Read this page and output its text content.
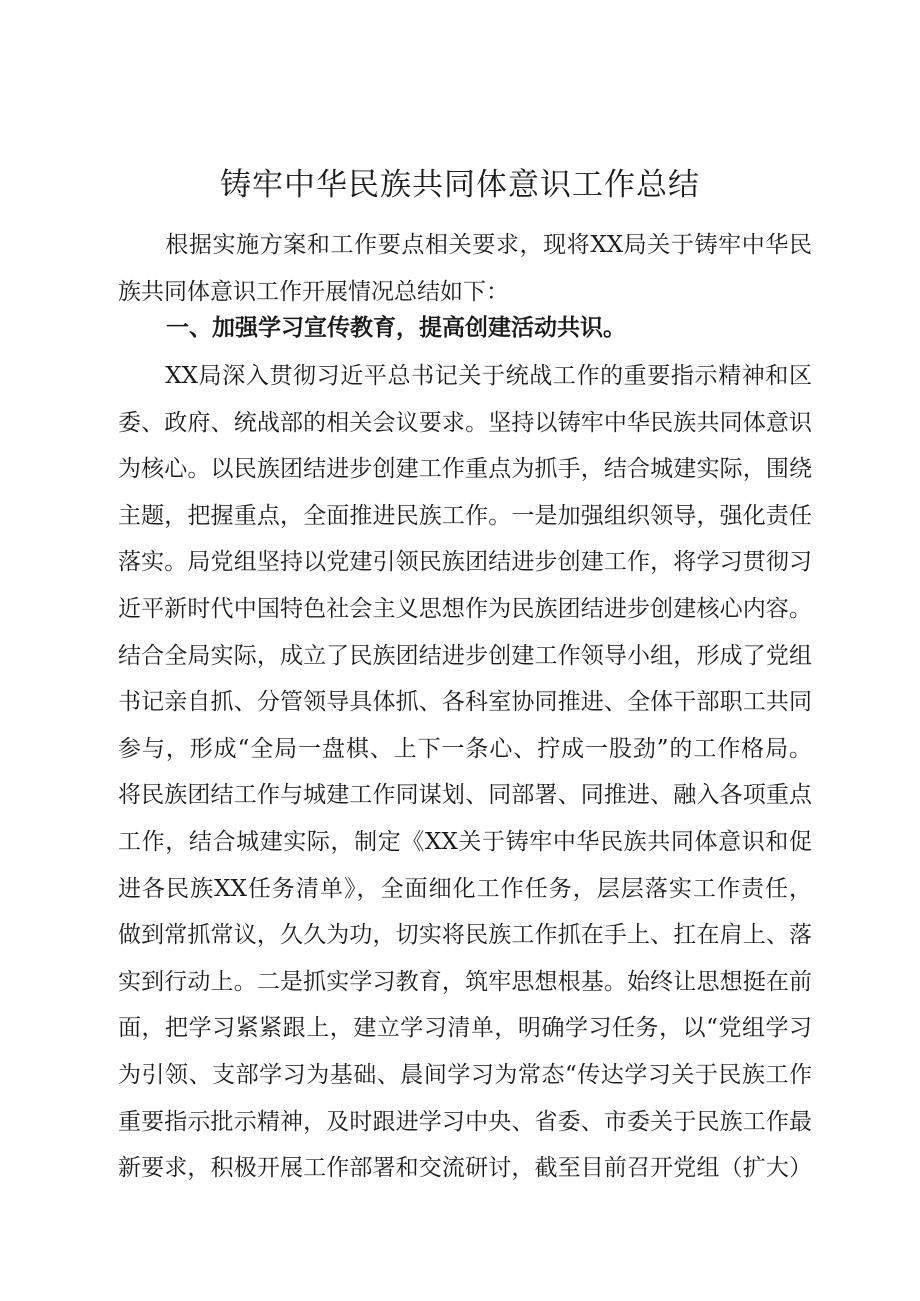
铸牢中华民族共同体意识工作总结
　　根据实施方案和工作要点相关要求，现将XX局关于铸牢中华民
族共同体意识工作开展情况总结如下：
一、加强学习宣传教育，提高创建活动共识。
　　XX局深入贯彻习近平总书记关于统战工作的重要指示精神和区
委、政府、统战部的相关会议要求。坚持以铸牢中华民族共同体意识
为核心。以民族团结进步创建工作重点为抓手，结合城建实际，围绕
主题，把握重点，全面推进民族工作。一是加强组织领导，强化责任
落实。局党组坚持以党建引领民族团结进步创建工作，将学习贯彻习
近平新时代中国特色社会主义思想作为民族团结进步创建核心内容。
结合全局实际，成立了民族团结进步创建工作领导小组，形成了党组
书记亲自抓、分管领导具体抓、各科室协同推进、全体干部职工共同
参与，形成“全局一盘棋、上下一条心、拧成一股劲”的工作格局。
将民族团结工作与城建工作同谋划、同部署、同推进、融入各项重点
工作，结合城建实际，制定《XX关于铸牢中华民族共同体意识和促
进各民族XX任务清单》，全面细化工作任务，层层落实工作责任，
做到常抓常议，久久为功，切实将民族工作抓在手上、扛在肩上、落
实到行动上。二是抓实学习教育，筑牢思想根基。始终让思想挺在前
面，把学习紧紧跟上，建立学习清单，明确学习任务，以“党组学习
为引领、支部学习为基础、晨间学习为常态“传达学习关于民族工作
重要指示批示精神，及时跟进学习中央、省委、市委关于民族工作最
新要求，积极开展工作部署和交流研讨，截至目前召开党组（扩大）
